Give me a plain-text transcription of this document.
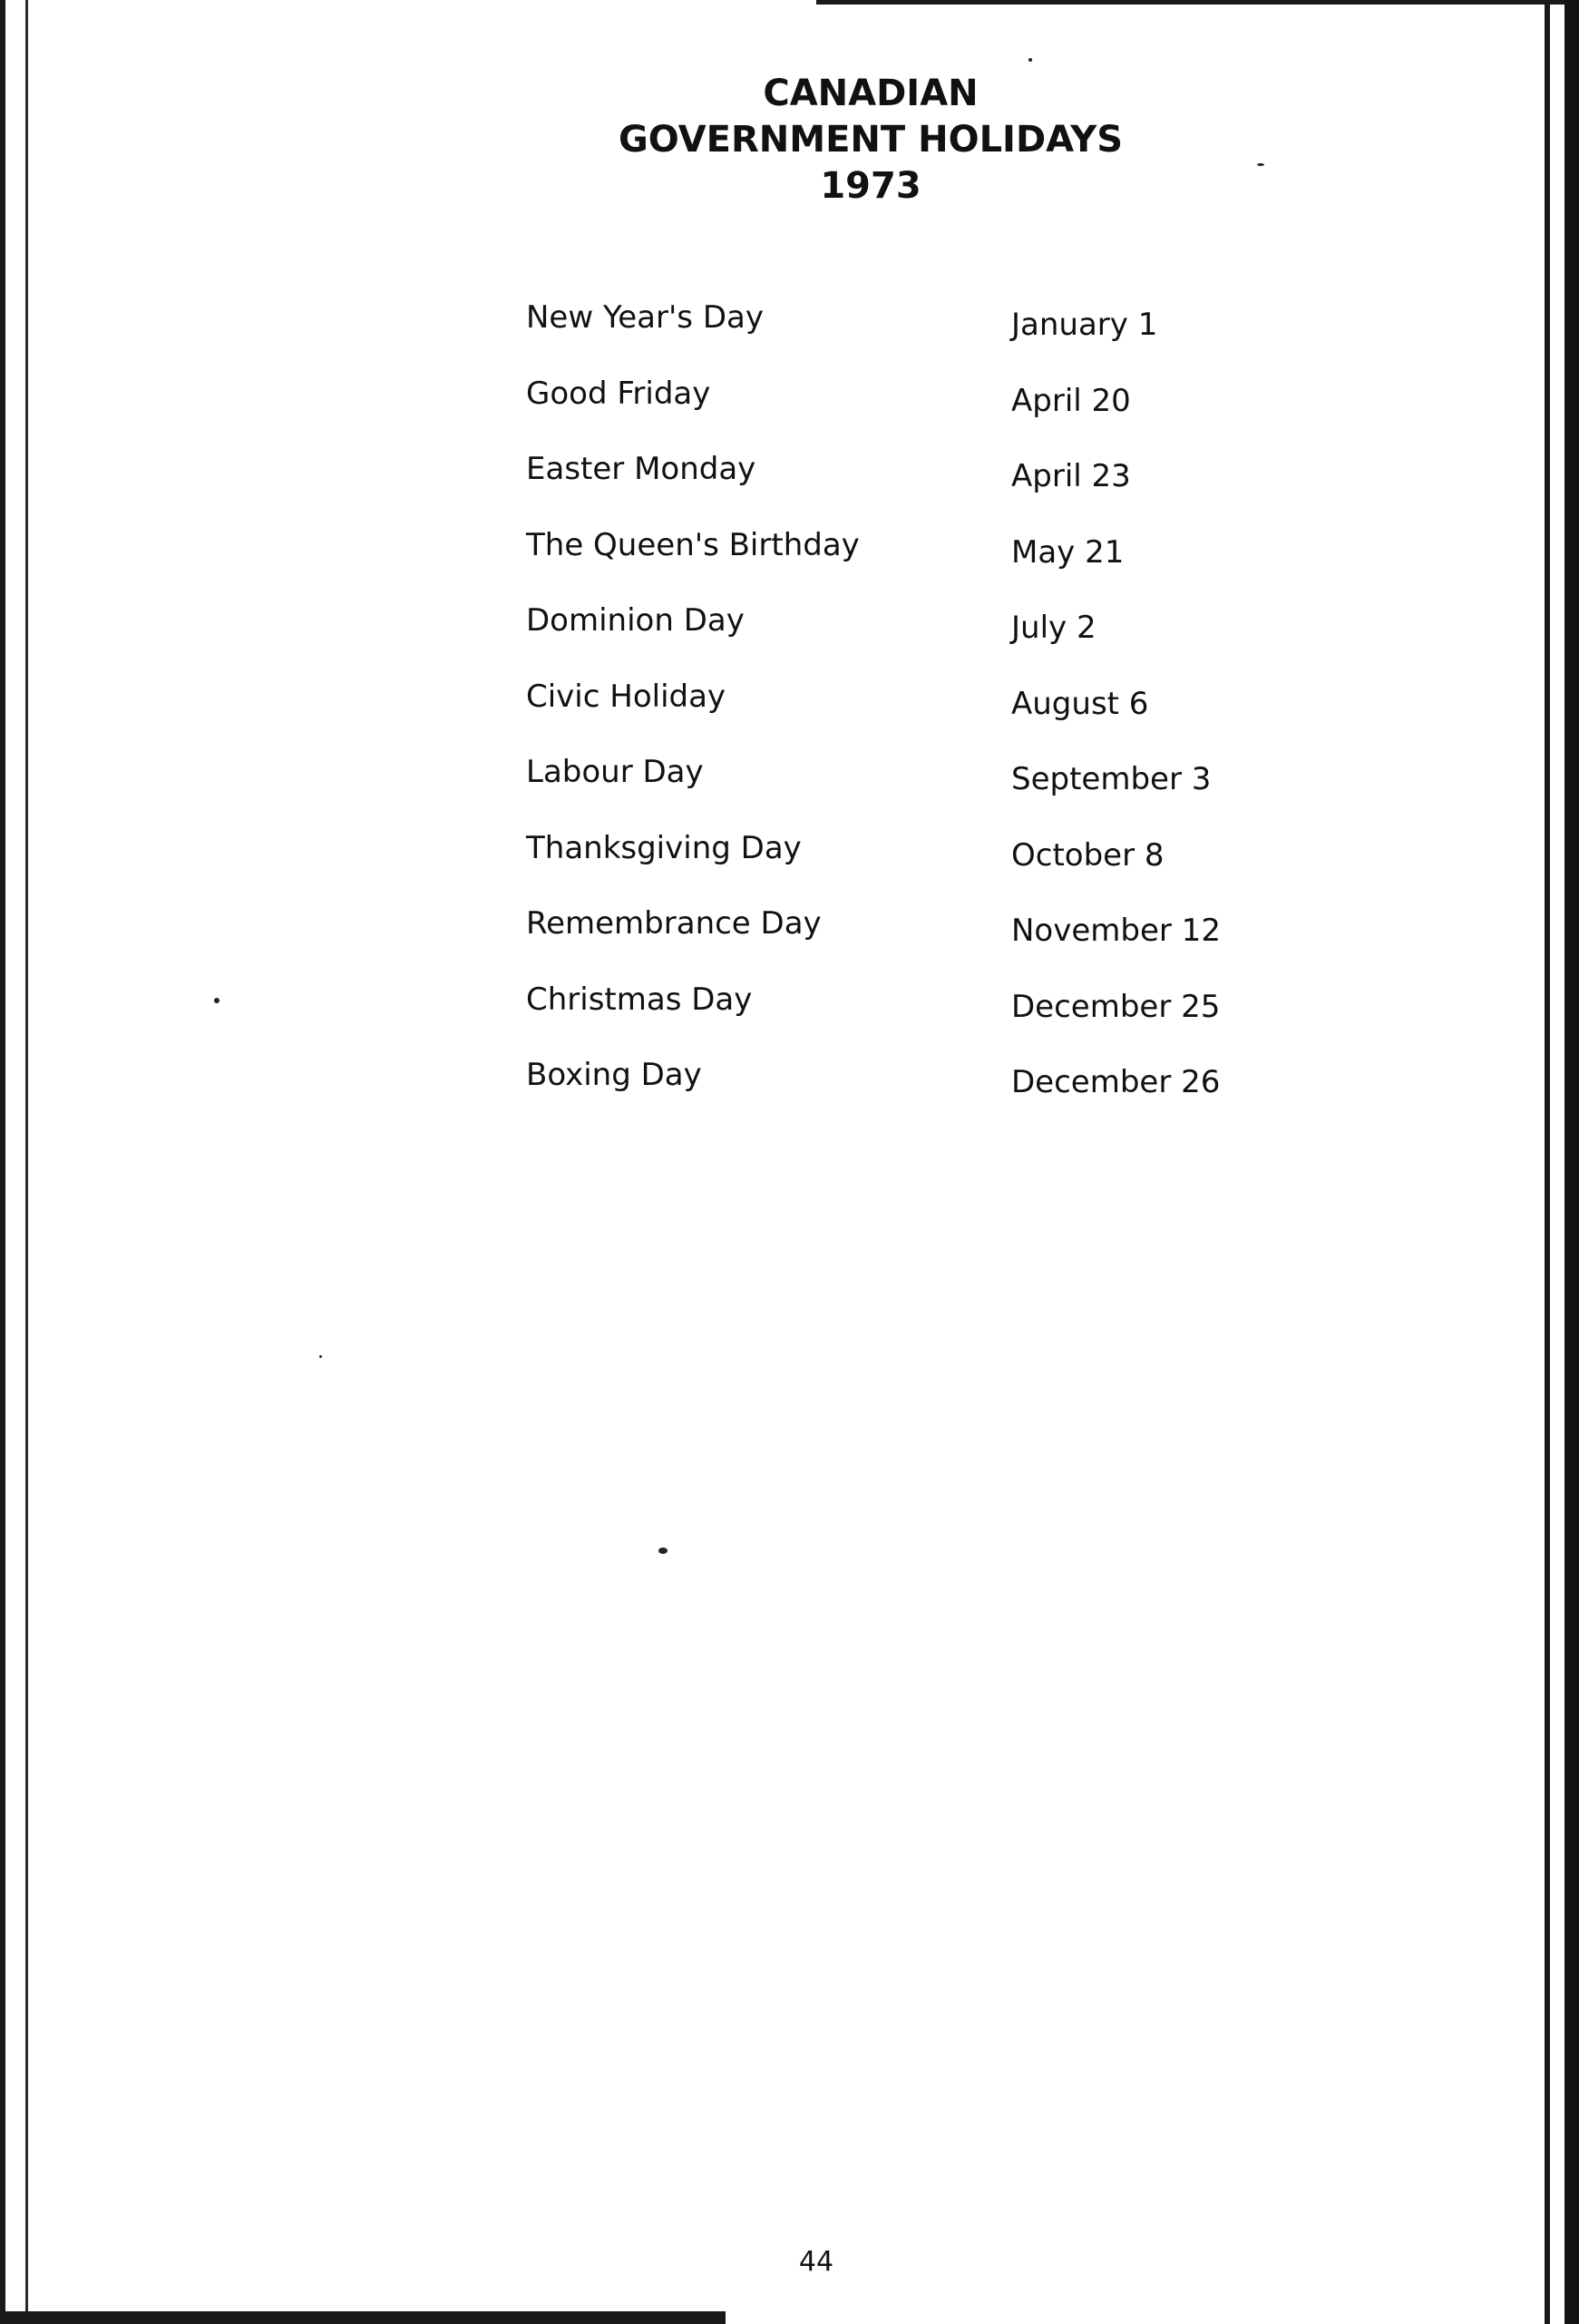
CANADIAN
GOVERNMENT HOLIDAYS
1973
New Year's Day	January 1
Good Friday	April 20
Easter Monday	April 23
The Queen's Birthday	May 21
Dominion Day	July 2
Civic Holiday	August 6
Labour Day	September 3
Thanksgiving Day	October 8
Remembrance Day	November 12
Christmas Day	December 25
Boxing Day	December 26
44
